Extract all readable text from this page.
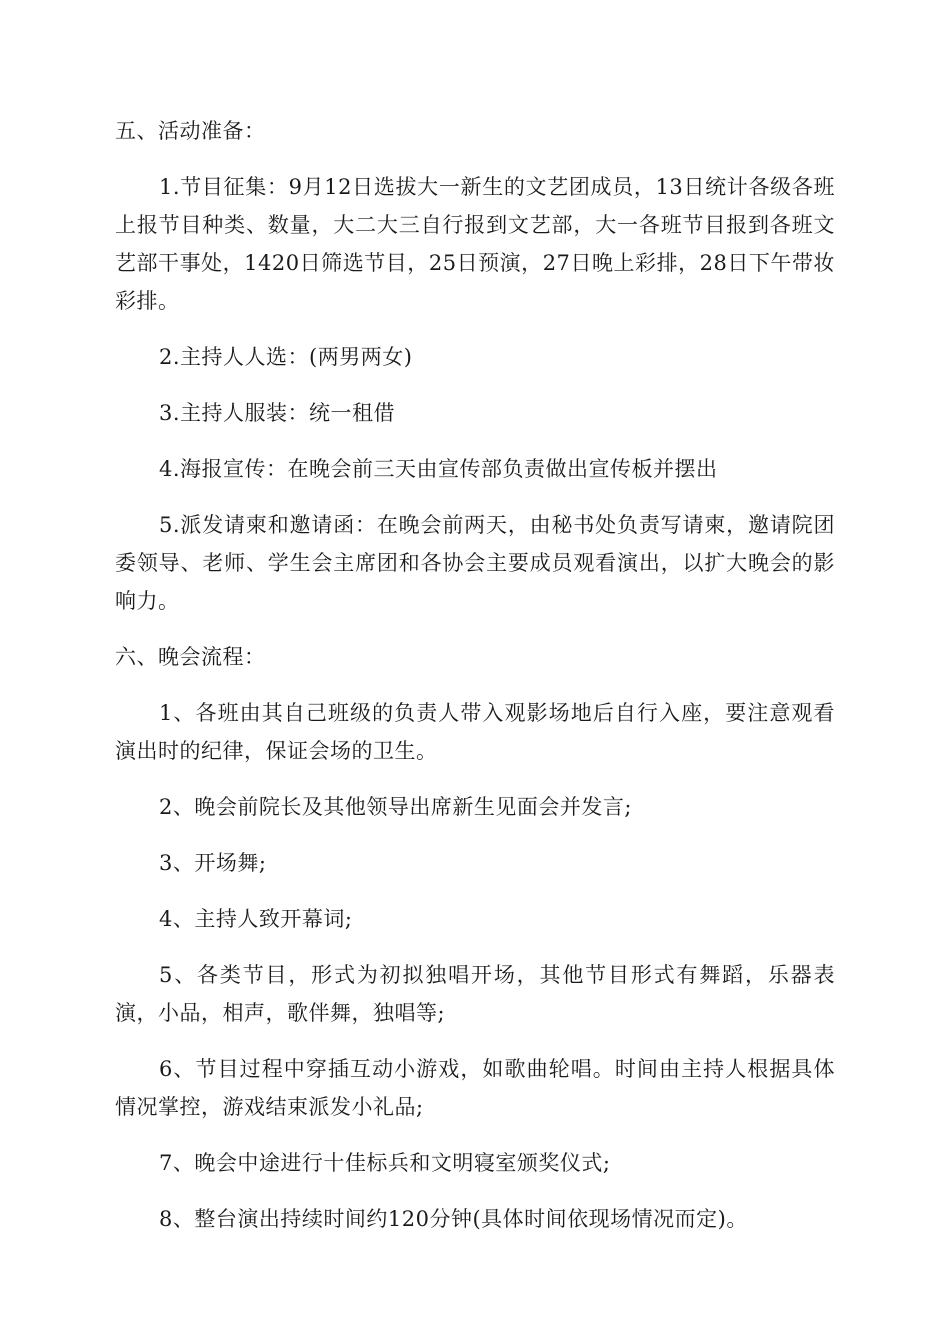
五、活动准备：

1.节目征集：9月12日选拔大一新生的文艺团成员，13日统计各级各班上报节目种类、数量，大二大三自行报到文艺部，大一各班节目报到各班文艺部干事处，1420日筛选节目，25日预演，27日晚上彩排，28日下午带妆彩排。

2.主持人人选：(两男两女)

3.主持人服装：统一租借

4.海报宣传：在晚会前三天由宣传部负责做出宣传板并摆出

5.派发请柬和邀请函：在晚会前两天，由秘书处负责写请柬，邀请院团委领导、老师、学生会主席团和各协会主要成员观看演出，以扩大晚会的影响力。

六、晚会流程：

1、各班由其自己班级的负责人带入观影场地后自行入座，要注意观看演出时的纪律，保证会场的卫生。

2、晚会前院长及其他领导出席新生见面会并发言;

3、开场舞;

4、主持人致开幕词;

5、各类节目，形式为初拟独唱开场，其他节目形式有舞蹈，乐器表演，小品，相声，歌伴舞，独唱等;

6、节目过程中穿插互动小游戏，如歌曲轮唱。时间由主持人根据具体情况掌控，游戏结束派发小礼品;

7、晚会中途进行十佳标兵和文明寝室颁奖仪式;

8、整台演出持续时间约120分钟(具体时间依现场情况而定)。
